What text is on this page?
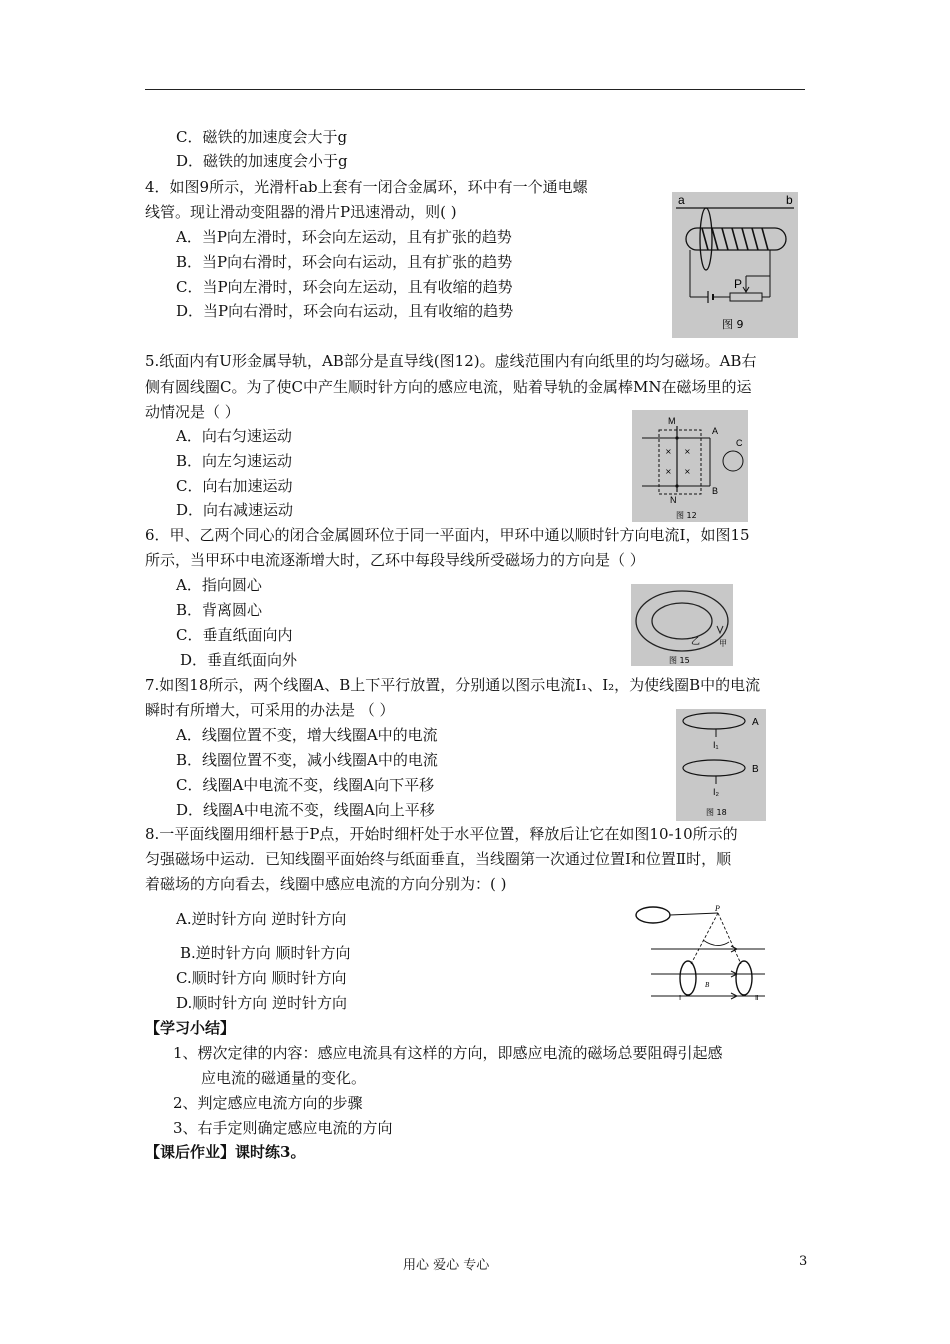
C．磁铁的加速度会大于g
D．磁铁的加速度会小于g
4．如图9所示，光滑杆ab上套有一闭合金属环，环中有一个通电螺
线管。现让滑动变阻器的滑片P迅速滑动，则( )
A．当P向左滑时，环会向左运动，且有扩张的趋势
B．当P向右滑时，环会向右运动，且有扩张的趋势
C．当P向左滑时，环会向左运动，且有收缩的趋势
D．当P向右滑时，环会向右运动，且有收缩的趋势
5.纸面内有U形金属导轨，AB部分是直导线(图12)。虚线范围内有向纸里的均匀磁场。AB右
侧有圆线圈C。为了使C中产生顺时针方向的感应电流，贴着导轨的金属棒MN在磁场里的运
动情况是（ ）
A．向右匀速运动
B．向左匀速运动
C．向右加速运动
D．向右减速运动
6．甲、乙两个同心的闭合金属圆环位于同一平面内，甲环中通以顺时针方向电流I，如图15
所示，当甲环中电流逐渐增大时，乙环中每段导线所受磁场力的方向是（ ）
A．指向圆心
B．背离圆心
C．垂直纸面向内
D．垂直纸面向外
7.如图18所示，两个线圈A、B上下平行放置，分别通以图示电流I₁、I₂，为使线圈B中的电流
瞬时有所增大，可采用的办法是 （ ）
A．线圈位置不变，增大线圈A中的电流
B．线圈位置不变，减小线圈A中的电流
C．线圈A中电流不变，线圈A向下平移
D．线圈A中电流不变，线圈A向上平移
8.一平面线圈用细杆悬于P点，开始时细杆处于水平位置，释放后让它在如图10-10所示的
匀强磁场中运动．已知线圈平面始终与纸面垂直，当线圈第一次通过位置Ⅰ和位置Ⅱ时，顺
着磁场的方向看去，线圈中感应电流的方向分别为：( )
A.逆时针方向 逆时针方向
B.逆时针方向 顺时针方向
C.顺时针方向 顺时针方向
D.顺时针方向 逆时针方向
【学习小结】
1、楞次定律的内容：感应电流具有这样的方向，即感应电流的磁场总要阻碍引起感
应电流的磁通量的变化。
2、判定感应电流方向的步骤
3、右手定则确定感应电流的方向
【课后作业】课时练3。
a	b
P
图 9
× ×
× ×
M
N
A
B
C
图 12
乙 甲
图 15
A
B
I₁
I₂
图 18
P
Ⅰ	Ⅱ
B
用心 爱心 专心	3
